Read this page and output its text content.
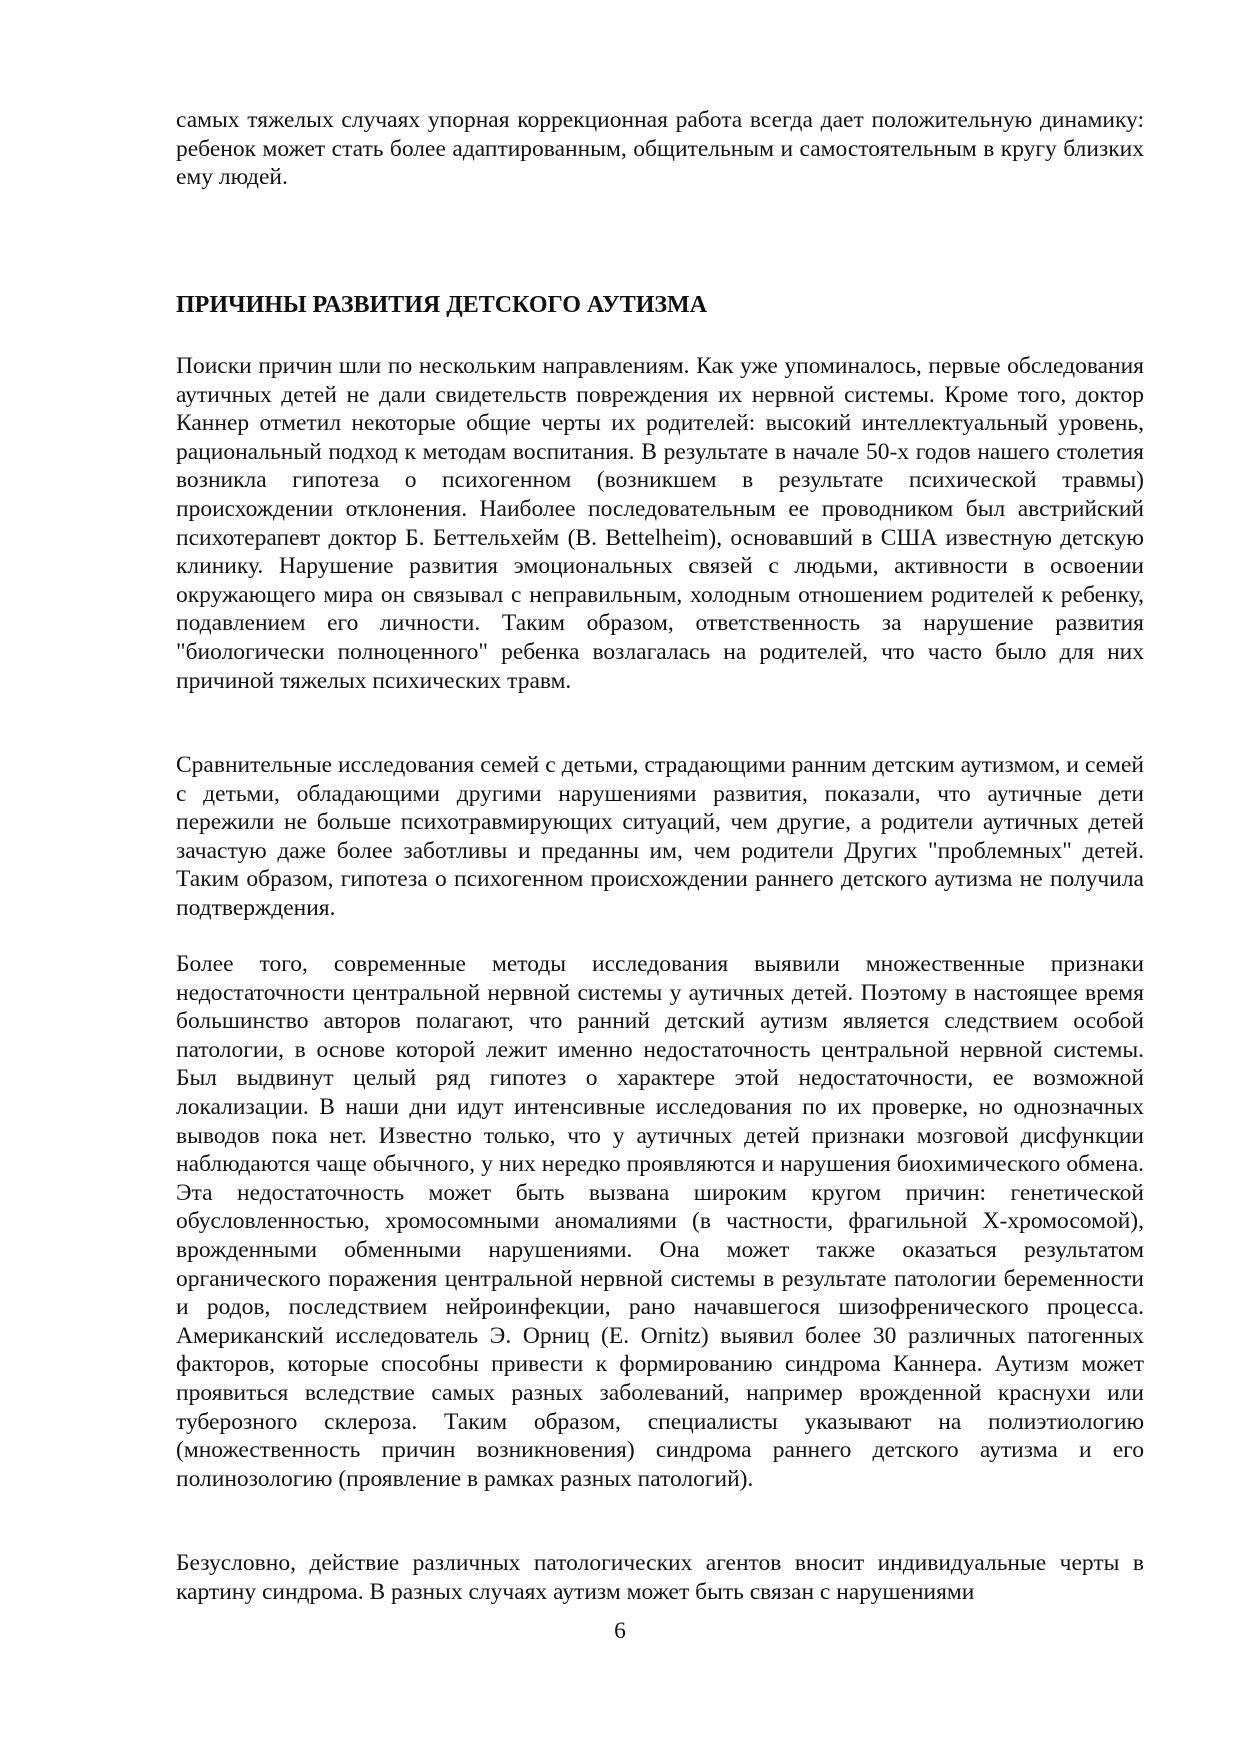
самых тяжелых случаях упорная коррекционная работа всегда дает положительную динамику: ребенок может стать более адаптированным, общительным и самостоятельным в кругу близких ему людей.

ПРИЧИНЫ РАЗВИТИЯ ДЕТСКОГО АУТИЗМА

Поиски причин шли по нескольким направлениям. Как уже упоминалось, первые обследования аутичных детей не дали свидетельств повреждения их нервной системы. Кроме того, доктор Каннер отметил некоторые общие черты их родителей: высокий интеллектуальный уровень, рациональный подход к методам воспитания. В результате в начале 50-х годов нашего столетия возникла гипотеза о психогенном (возникшем в результате психической травмы) происхождении отклонения. Наиболее последовательным ее проводником был австрийский психотерапевт доктор Б. Беттельхейм (В. Bettelheim), основавший в США известную детскую клинику. Нарушение развития эмоциональных связей с людьми, активности в освоении окружающего мира он связывал с неправильным, холодным отношением родителей к ребенку, подавлением его личности. Таким образом, ответственность за нарушение развития "биологически полноценного" ребенка возлагалась на родителей, что часто было для них причиной тяжелых психических травм.

Сравнительные исследования семей с детьми, страдающими ранним детским аутизмом, и семей с детьми, обладающими другими нарушениями развития, показали, что аутичные дети пережили не больше психотравмирующих ситуаций, чем другие, а родители аутичных детей зачастую даже более заботливы и преданны им, чем родители Других "проблемных" детей. Таким образом, гипотеза о психогенном происхождении раннего детского аутизма не получила подтверждения.

Более того, современные методы исследования выявили множественные признаки недостаточности центральной нервной системы у аутичных детей. Поэтому в настоящее время большинство авторов полагают, что ранний детский аутизм является следствием особой патологии, в основе которой лежит именно недостаточность центральной нервной системы. Был выдвинут целый ряд гипотез о характере этой недостаточности, ее возможной локализации. В наши дни идут интенсивные исследования по их проверке, но однозначных выводов пока нет. Известно только, что у аутичных детей признаки мозговой дисфункции наблюдаются чаще обычного, у них нередко проявляются и нарушения биохимического обмена. Эта недостаточность может быть вызвана широким кругом причин: генетической обусловленностью, хромосомными аномалиями (в частности, фрагильной Х-хромосомой), врожденными обменными нарушениями. Она может также оказаться результатом органического поражения центральной нервной системы в результате патологии беременности и родов, последствием нейроинфекции, рано начавшегося шизофренического процесса. Американский исследователь Э. Орниц (Е. Ornitz) выявил более 30 различных патогенных факторов, которые способны привести к формированию синдрома Каннера. Аутизм может проявиться вследствие самых разных заболеваний, например врожденной краснухи или туберозного склероза. Таким образом, специалисты указывают на полиэтиологию (множественность причин возникновения) синдрома раннего детского аутизма и его полинозологию (проявление в рамках разных патологий).

Безусловно, действие различных патологических агентов вносит индивидуальные черты в картину синдрома. В разных случаях аутизм может быть связан с нарушениями

6
